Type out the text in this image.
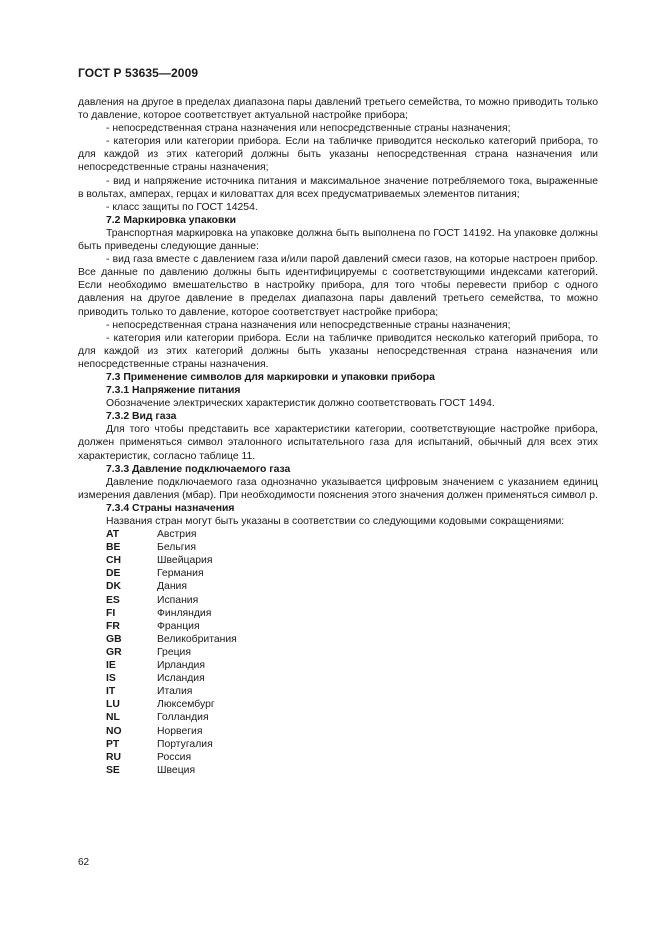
ГОСТ Р 53635—2009

давления на другое в пределах диапазона пары давлений третьего семейства, то можно приводить только то давление, которое соответствует актуальной настройке прибора;

- непосредственная страна назначения или непосредственные страны назначения;

- категория или категории прибора. Если на табличке приводится несколько категорий прибора, то для каждой из этих категорий должны быть указаны непосредственная страна назначения или непосредственные страны назначения;

- вид и напряжение источника питания и максимальное значение потребляемого тока, выраженные в вольтах, амперах, герцах и киловаттах для всех предусматриваемых элементов питания;

- класс защиты по ГОСТ 14254.

7.2 Маркировка упаковки

Транспортная маркировка на упаковке должна быть выполнена по ГОСТ 14192. На упаковке должны быть приведены следующие данные:

- вид газа вместе с давлением газа и/или парой давлений смеси газов, на которые настроен прибор. Все данные по давлению должны быть идентифицируемы с соответствующими индексами категорий. Если необходимо вмешательство в настройку прибора, для того чтобы перевести прибор с одного давления на другое давление в пределах диапазона пары давлений третьего семейства, то можно приводить только то давление, которое соответствует настройке прибора;

- непосредственная страна назначения или непосредственные страны назначения;

- категория или категории прибора. Если на табличке приводится несколько категорий прибора, то для каждой из этих категорий должны быть указаны непосредственная страна назначения или непосредственные страны назначения.

7.3 Применение символов для маркировки и упаковки прибора

7.3.1 Напряжение питания

Обозначение электрических характеристик должно соответствовать ГОСТ 1494.

7.3.2 Вид газа

Для того чтобы представить все характеристики категории, соответствующие настройке прибора, должен применяться символ эталонного испытательного газа для испытаний, обычный для всех этих характеристик, согласно таблице 11.

7.3.3 Давление подключаемого газа

Давление подключаемого газа однозначно указывается цифровым значением с указанием единиц измерения давления (мбар). При необходимости пояснения этого значения должен применяться символ р.

7.3.4 Страны назначения

Названия стран могут быть указаны в соответствии со следующими кодовыми сокращениями:

AT	Австрия
BE	Бельгия
CH	Швейцария
DE	Германия
DK	Дания
ES	Испания
FI	Финляндия
FR	Франция
GB	Великобритания
GR	Греция
IE	Ирландия
IS	Исландия
IT	Италия
LU	Люксембург
NL	Голландия
NO	Норвегия
PT	Португалия
RU	Россия
SE	Швеция
62
